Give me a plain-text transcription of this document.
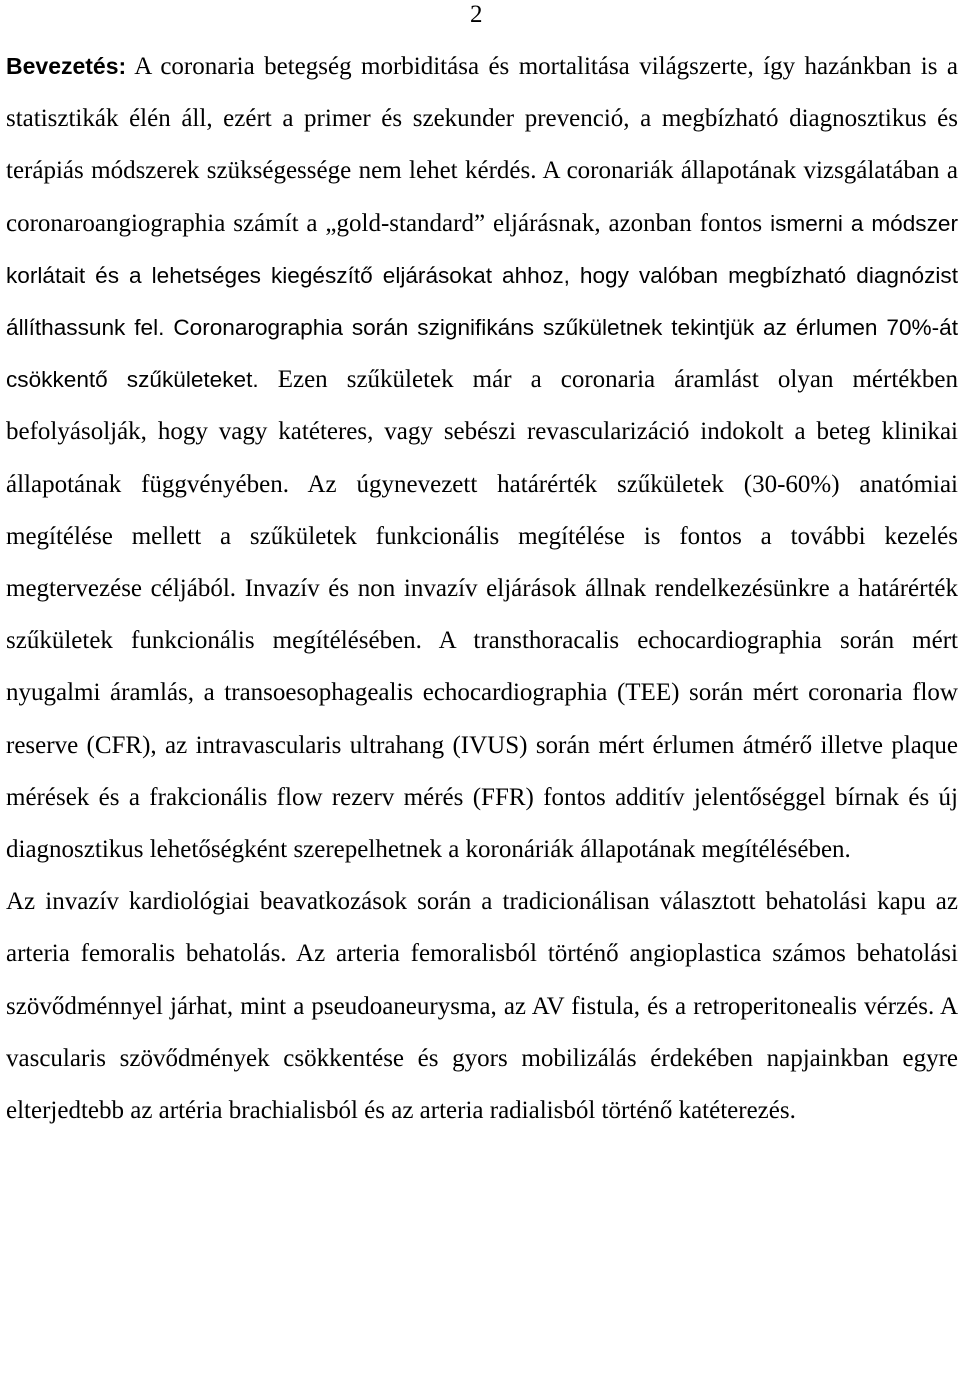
2

Bevezetés: A coronaria betegség morbiditása és mortalitása világszerte, így hazánkban is a statisztikák élén áll, ezért a primer és szekunder prevenció, a megbízható diagnosztikus és terápiás módszerek szükségessége nem lehet kérdés. A coronariák állapotának vizsgálatában a coronaroangiographia számít a „gold-standard” eljárásnak, azonban fontos ismerni a módszer korlátait és a lehetséges kiegészítő eljárásokat ahhoz, hogy valóban megbízható diagnózist állíthassunk fel. Coronarographia során szignifikáns szűkületnek tekintjük az érlumen 70%-át csökkentő szűkületeket. Ezen szűkületek már a coronaria áramlást olyan mértékben befolyásolják, hogy vagy katéteres, vagy sebészi revascularizáció indokolt a beteg klinikai állapotának függvényében. Az úgynevezett határérték szűkületek (30-60%) anatómiai megítélése mellett a szűkületek funkcionális megítélése is fontos a további kezelés megtervezése céljából. Invazív és non invazív eljárások állnak rendelkezésünkre a határérték szűkületek funkcionális megítélésében. A transthoracalis echocardiographia során mért nyugalmi áramlás, a transoesophagealis echocardiographia (TEE) során mért coronaria flow reserve (CFR), az intravascularis ultrahang (IVUS) során mért érlumen átmérő illetve plaque mérések és a frakcionális flow rezerv mérés (FFR) fontos additív jelentőséggel bírnak és új diagnosztikus lehetőségként szerepelhetnek a koronáriák állapotának megítélésében.

Az invazív kardiológiai beavatkozások során a tradicionálisan választott behatolási kapu az arteria femoralis behatolás. Az arteria femoralisból történő angioplastica számos behatolási szövődménnyel járhat, mint a pseudoaneurysma, az AV fistula, és a retroperitonealis vérzés. A vascularis szövődmények csökkentése és gyors mobilizálás érdekében napjainkban egyre elterjedtebb az artéria brachialisból és az arteria radialisból történő katéterezés.
